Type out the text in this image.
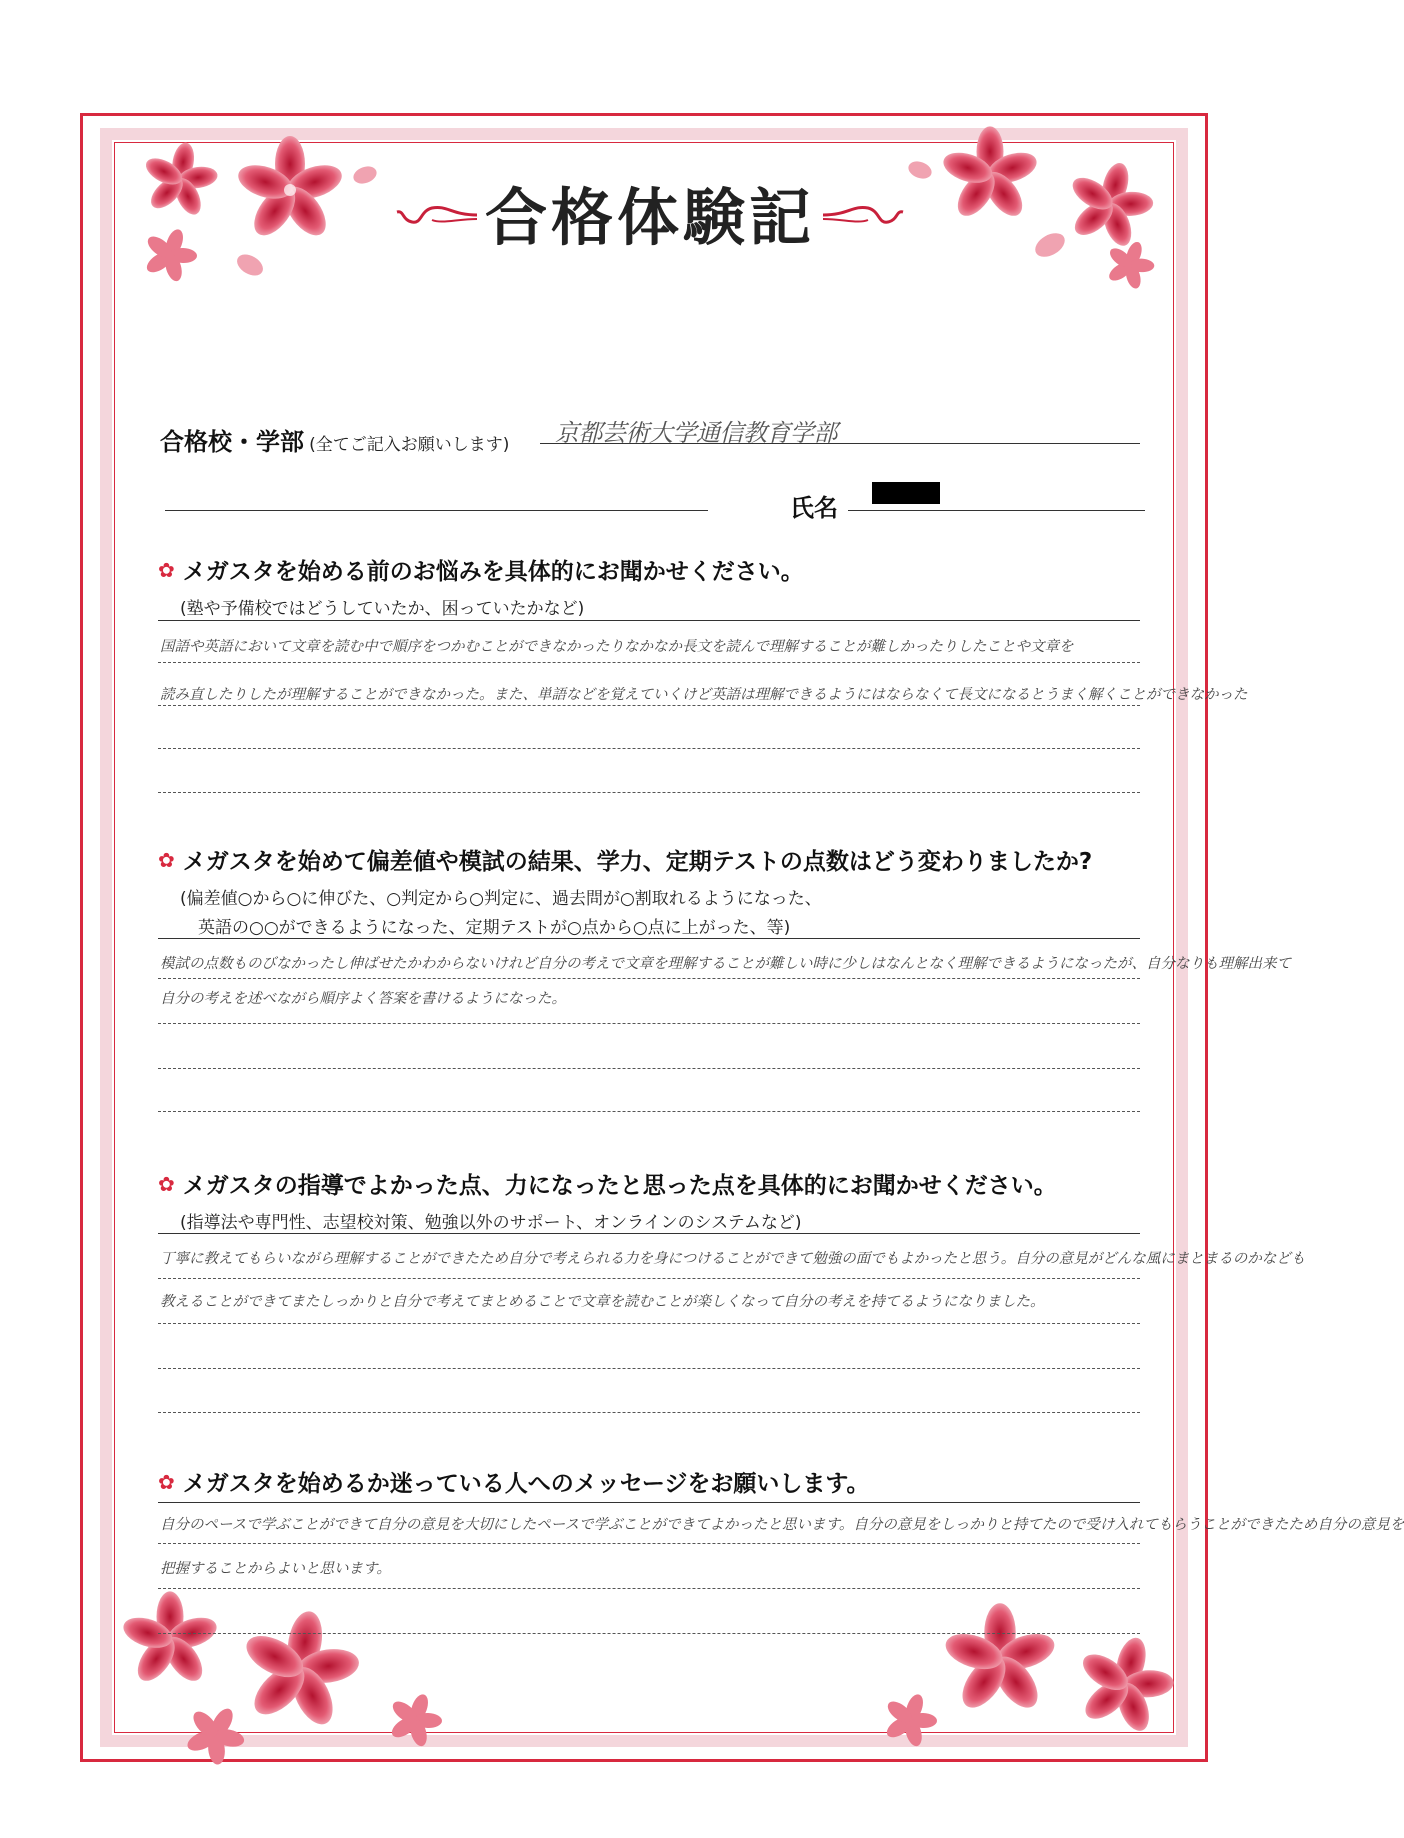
合格体験記
合格校・学部 (全てご記入お願いします) 京都芸術大学通信教育学部
氏名
✿ メガスタを始める前のお悩みを具体的にお聞かせください。
(塾や予備校ではどうしていたか、困っていたかなど)
国語や英語において文章を読む中で順序をつかむことができなかったりなかなか長文を読んで理解することが難しかったりしたことや文章を
読み直したりしたが理解することができなかった。また、単語などを覚えていくけど英語は理解できるようにはならなくて長文になるとうまく解くことができなかった
✿ メガスタを始めて偏差値や模試の結果、学力、定期テストの点数はどう変わりましたか?
(偏差値○から○に伸びた、○判定から○判定に、過去問が○割取れるようになった、
英語の○○ができるようになった、定期テストが○点から○点に上がった、等)
模試の点数ものびなかったし伸ばせたかわからないけれど自分の考えで文章を理解することが難しい時に少しはなんとなく理解できるようになったが、自分なりも理解出来て
自分の考えを述べながら順序よく答案を書けるようになった。
✿ メガスタの指導でよかった点、力になったと思った点を具体的にお聞かせください。
(指導法や専門性、志望校対策、勉強以外のサポート、オンラインのシステムなど)
丁寧に教えてもらいながら理解することができたため自分で考えられる力を身につけることができて勉強の面でもよかったと思う。自分の意見がどんな風にまとまるのかなども
教えることができてまたしっかりと自分で考えてまとめることで文章を読むことが楽しくなって自分の考えを持てるようになりました。
✿ メガスタを始めるか迷っている人へのメッセージをお願いします。
自分のペースで学ぶことができて自分の意見を大切にしたペースで学ぶことができてよかったと思います。自分の意見をしっかりと持てたので受け入れてもらうことができたため自分の意見を
把握することからよいと思います。
